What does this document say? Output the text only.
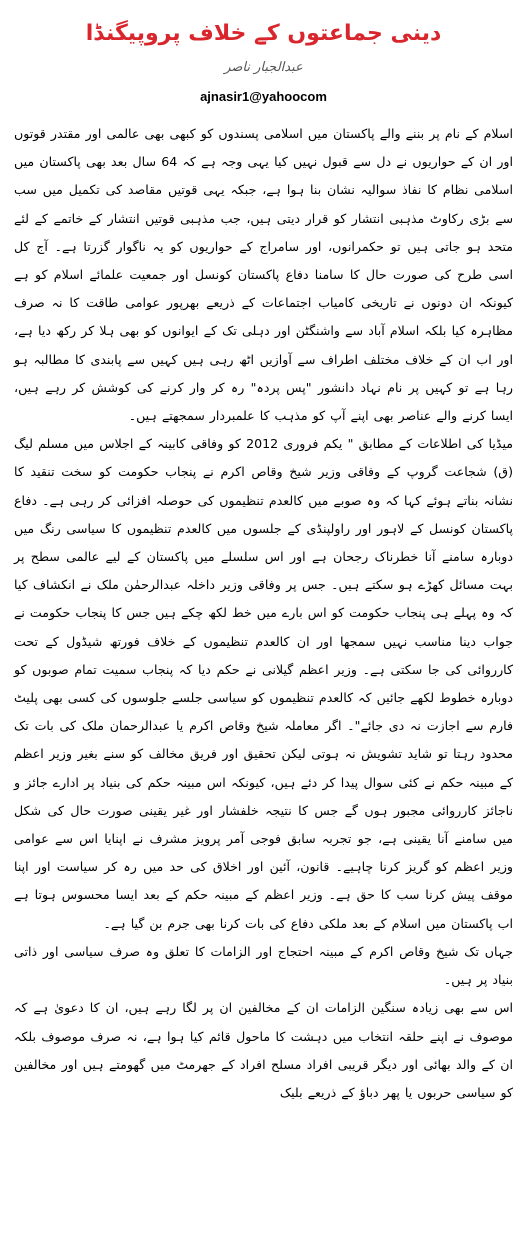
دینی جماعتوں کے خلاف پروپیگنڈا
عبدالجبار ناصر
ajnasir1@yahoocom

اسلام کے نام پر بننے والے پاکستان میں اسلامی پسندوں کو کبھی بھی عالمی اور مقتدر قوتوں اور ان کے حواریوں نے دل سے قبول نہیں کیا یہی وجہ ہے کہ 64 سال بعد بھی پاکستان میں اسلامی نظام کا نفاذ سوالیہ نشان بنا ہوا ہے، جبکہ یہی قوتیں مقاصد کی تکمیل میں سب سے بڑی رکاوٹ مذہبی انتشار کو قرار دیتی ہیں، جب مذہبی قوتیں انتشار کے خاتمے کے لئے متحد ہو جاتی ہیں تو حکمرانوں، اور سامراج کے حواریوں کو یہ ناگوار گزرتا ہے۔ آج کل اسی طرح کی صورت حال کا سامنا دفاع پاکستان کونسل اور جمعیت علمائے اسلام کو ہے کیونکہ ان دونوں نے تاریخی کامیاب اجتماعات کے ذریعے بھرپور عوامی طاقت کا نہ صرف مظاہرہ کیا بلکہ اسلام آباد سے واشنگٹن اور دہلی تک کے ایوانوں کو بھی ہلا کر رکھ دیا ہے، اور اب ان کے خلاف مختلف اطراف سے آوازیں اٹھ رہی ہیں کہیں سے پابندی کا مطالبہ ہو رہا ہے تو کہیں پر نام نہاد دانشور "پس پردہ" رہ کر وار کرنے کی کوشش کر رہے ہیں، ایسا کرنے والے عناصر بھی اپنے آپ کو مذہب کا علمبردار سمجھتے ہیں۔

میڈیا کی اطلاعات کے مطابق " یکم فروری 2012 کو وفاقی کابینہ کے اجلاس میں مسلم لیگ (ق) شجاعت گروپ کے وفاقی وزیر شیخ وقاص اکرم نے پنجاب حکومت کو سخت تنقید کا نشانہ بناتے ہوئے کہا کہ وہ صوبے میں کالعدم تنظیموں کی حوصلہ افزائی کر رہی ہے۔ دفاع پاکستان کونسل کے لاہور اور راولپنڈی کے جلسوں میں کالعدم تنظیموں کا سیاسی رنگ میں دوبارہ سامنے آنا خطرناک رجحان ہے اور اس سلسلے میں پاکستان کے لیے عالمی سطح پر بہت مسائل کھڑے ہو سکتے ہیں۔ جس پر وفاقی وزیر داخلہ عبدالرحمٰن ملک نے انکشاف کیا کہ وہ پہلے ہی پنجاب حکومت کو اس بارے میں خط لکھ چکے ہیں جس کا پنجاب حکومت نے جواب دینا مناسب نہیں سمجھا اور ان کالعدم تنظیموں کے خلاف فورتھ شیڈول کے تحت کارروائی کی جا سکتی ہے۔ وزیر اعظم گیلانی نے حکم دیا کہ پنجاب سمیت تمام صوبوں کو دوبارہ خطوط لکھے جائیں کہ کالعدم تنظیموں کو سیاسی جلسے جلوسوں کی کسی بھی پلیٹ فارم سے اجازت نہ دی جائے"۔ اگر معاملہ شیخ وقاص اکرم یا عبدالرحمان ملک کی بات تک محدود رہتا تو شاید تشویش نہ ہوتی لیکن تحقیق اور فریق مخالف کو سنے بغیر وزیر اعظم کے مبینہ حکم نے کئی سوال پیدا کر دئے ہیں، کیونکہ اس مبینہ حکم کی بنیاد پر ادارے جائز و ناجائز کارروائی مجبور ہوں گے جس کا نتیجہ خلفشار اور غیر یقینی صورت حال کی شکل میں سامنے آنا یقینی ہے، جو تجربہ سابق فوجی آمر پرویز مشرف نے اپنایا اس سے عوامی وزیر اعظم کو گریز کرنا چاہیے۔ قانون، آئین اور اخلاق کی حد میں رہ کر سیاست اور اپنا موقف پیش کرنا سب کا حق ہے۔ وزیر اعظم کے مبینہ حکم کے بعد ایسا محسوس ہوتا ہے اب پاکستان میں اسلام کے بعد ملکی دفاع کی بات کرنا بھی جرم بن گیا ہے۔

جہاں تک شیخ وقاص اکرم کے مبینہ احتجاج اور الزامات کا تعلق وہ صرف سیاسی اور ذاتی بنیاد پر ہیں۔

اس سے بھی زیادہ سنگین الزامات ان کے مخالفین ان پر لگا رہے ہیں، ان کا دعویٰ ہے کہ موصوف نے اپنے حلقہ انتخاب میں دہشت کا ماحول قائم کیا ہوا ہے، نہ صرف موصوف بلکہ ان کے والد بھائی اور دیگر قریبی افراد مسلح افراد کے جھرمٹ میں گھومتے ہیں اور مخالفین کو سیاسی حربوں یا پھر دباؤ کے ذریعے بلیک
